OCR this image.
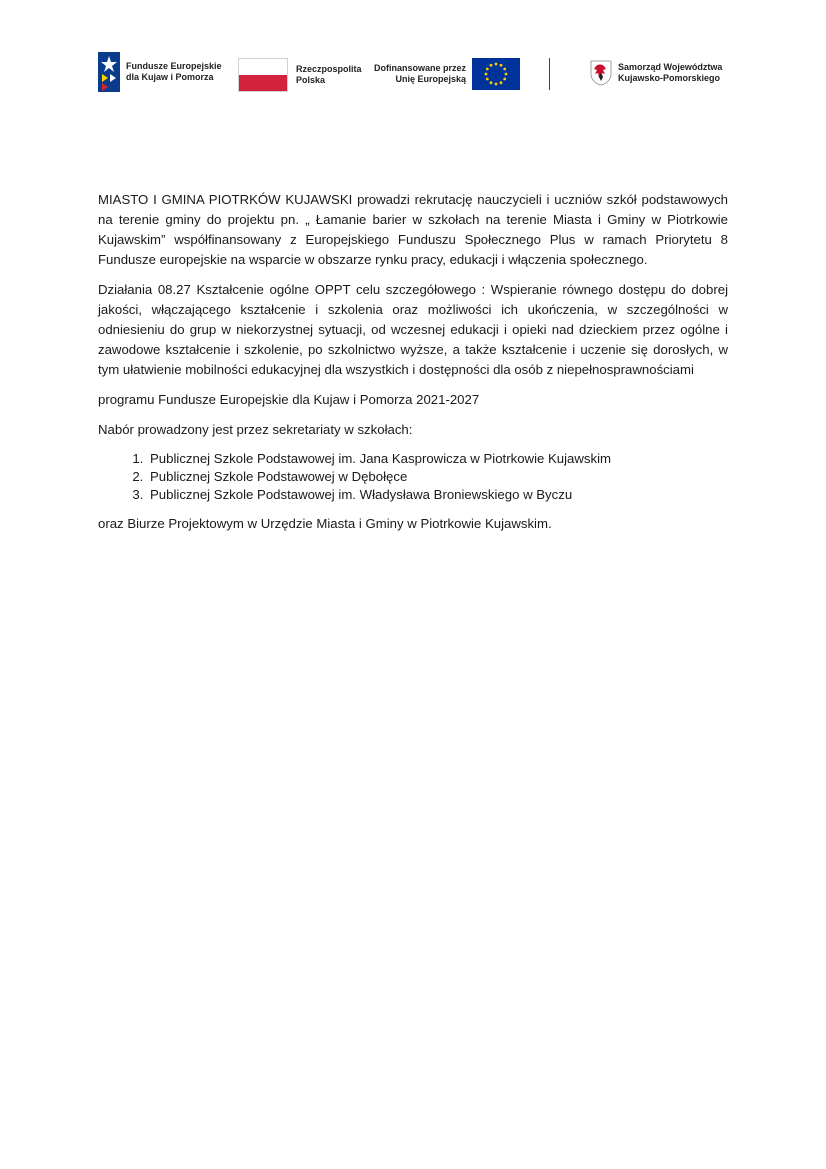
Fundusze Europejskie
dla Kujaw i Pomorza
Rzeczpospolita
Polska
Dofinansowane przez
Unię Europejską
Samorząd Województwa
Kujawsko-Pomorskiego

MIASTO I GMINA PIOTRKÓW KUJAWSKI prowadzi rekrutację nauczycieli i uczniów szkół podstawowych na terenie gminy do projektu pn. „ Łamanie barier w szkołach na terenie Miasta i Gminy w Piotrkowie Kujawskim” współfinansowany z Europejskiego Funduszu Społecznego Plus w ramach Priorytetu 8 Fundusze europejskie na wsparcie w obszarze rynku pracy, edukacji i włączenia społecznego.

Działania 08.27 Kształcenie ogólne OPPT celu szczegółowego : Wspieranie równego dostępu do dobrej jakości, włączającego kształcenie i szkolenia oraz możliwości ich ukończenia, w szczególności w odniesieniu do grup w niekorzystnej sytuacji, od wczesnej edukacji i opieki nad dzieckiem przez ogólne i zawodowe kształcenie i szkolenie, po szkolnictwo wyższe, a także kształcenie i uczenie się dorosłych, w tym ułatwienie mobilności edukacyjnej dla wszystkich i dostępności dla osób z niepełnosprawnościami

programu Fundusze Europejskie dla Kujaw i Pomorza 2021-2027

Nabór prowadzony jest przez sekretariaty w szkołach:

1. Publicznej Szkole Podstawowej im. Jana Kasprowicza w Piotrkowie Kujawskim
2. Publicznej Szkole Podstawowej w Dębołęce
3. Publicznej Szkole Podstawowej im. Władysława Broniewskiego w Byczu

oraz Biurze Projektowym w Urzędzie Miasta i Gminy w Piotrkowie Kujawskim.
